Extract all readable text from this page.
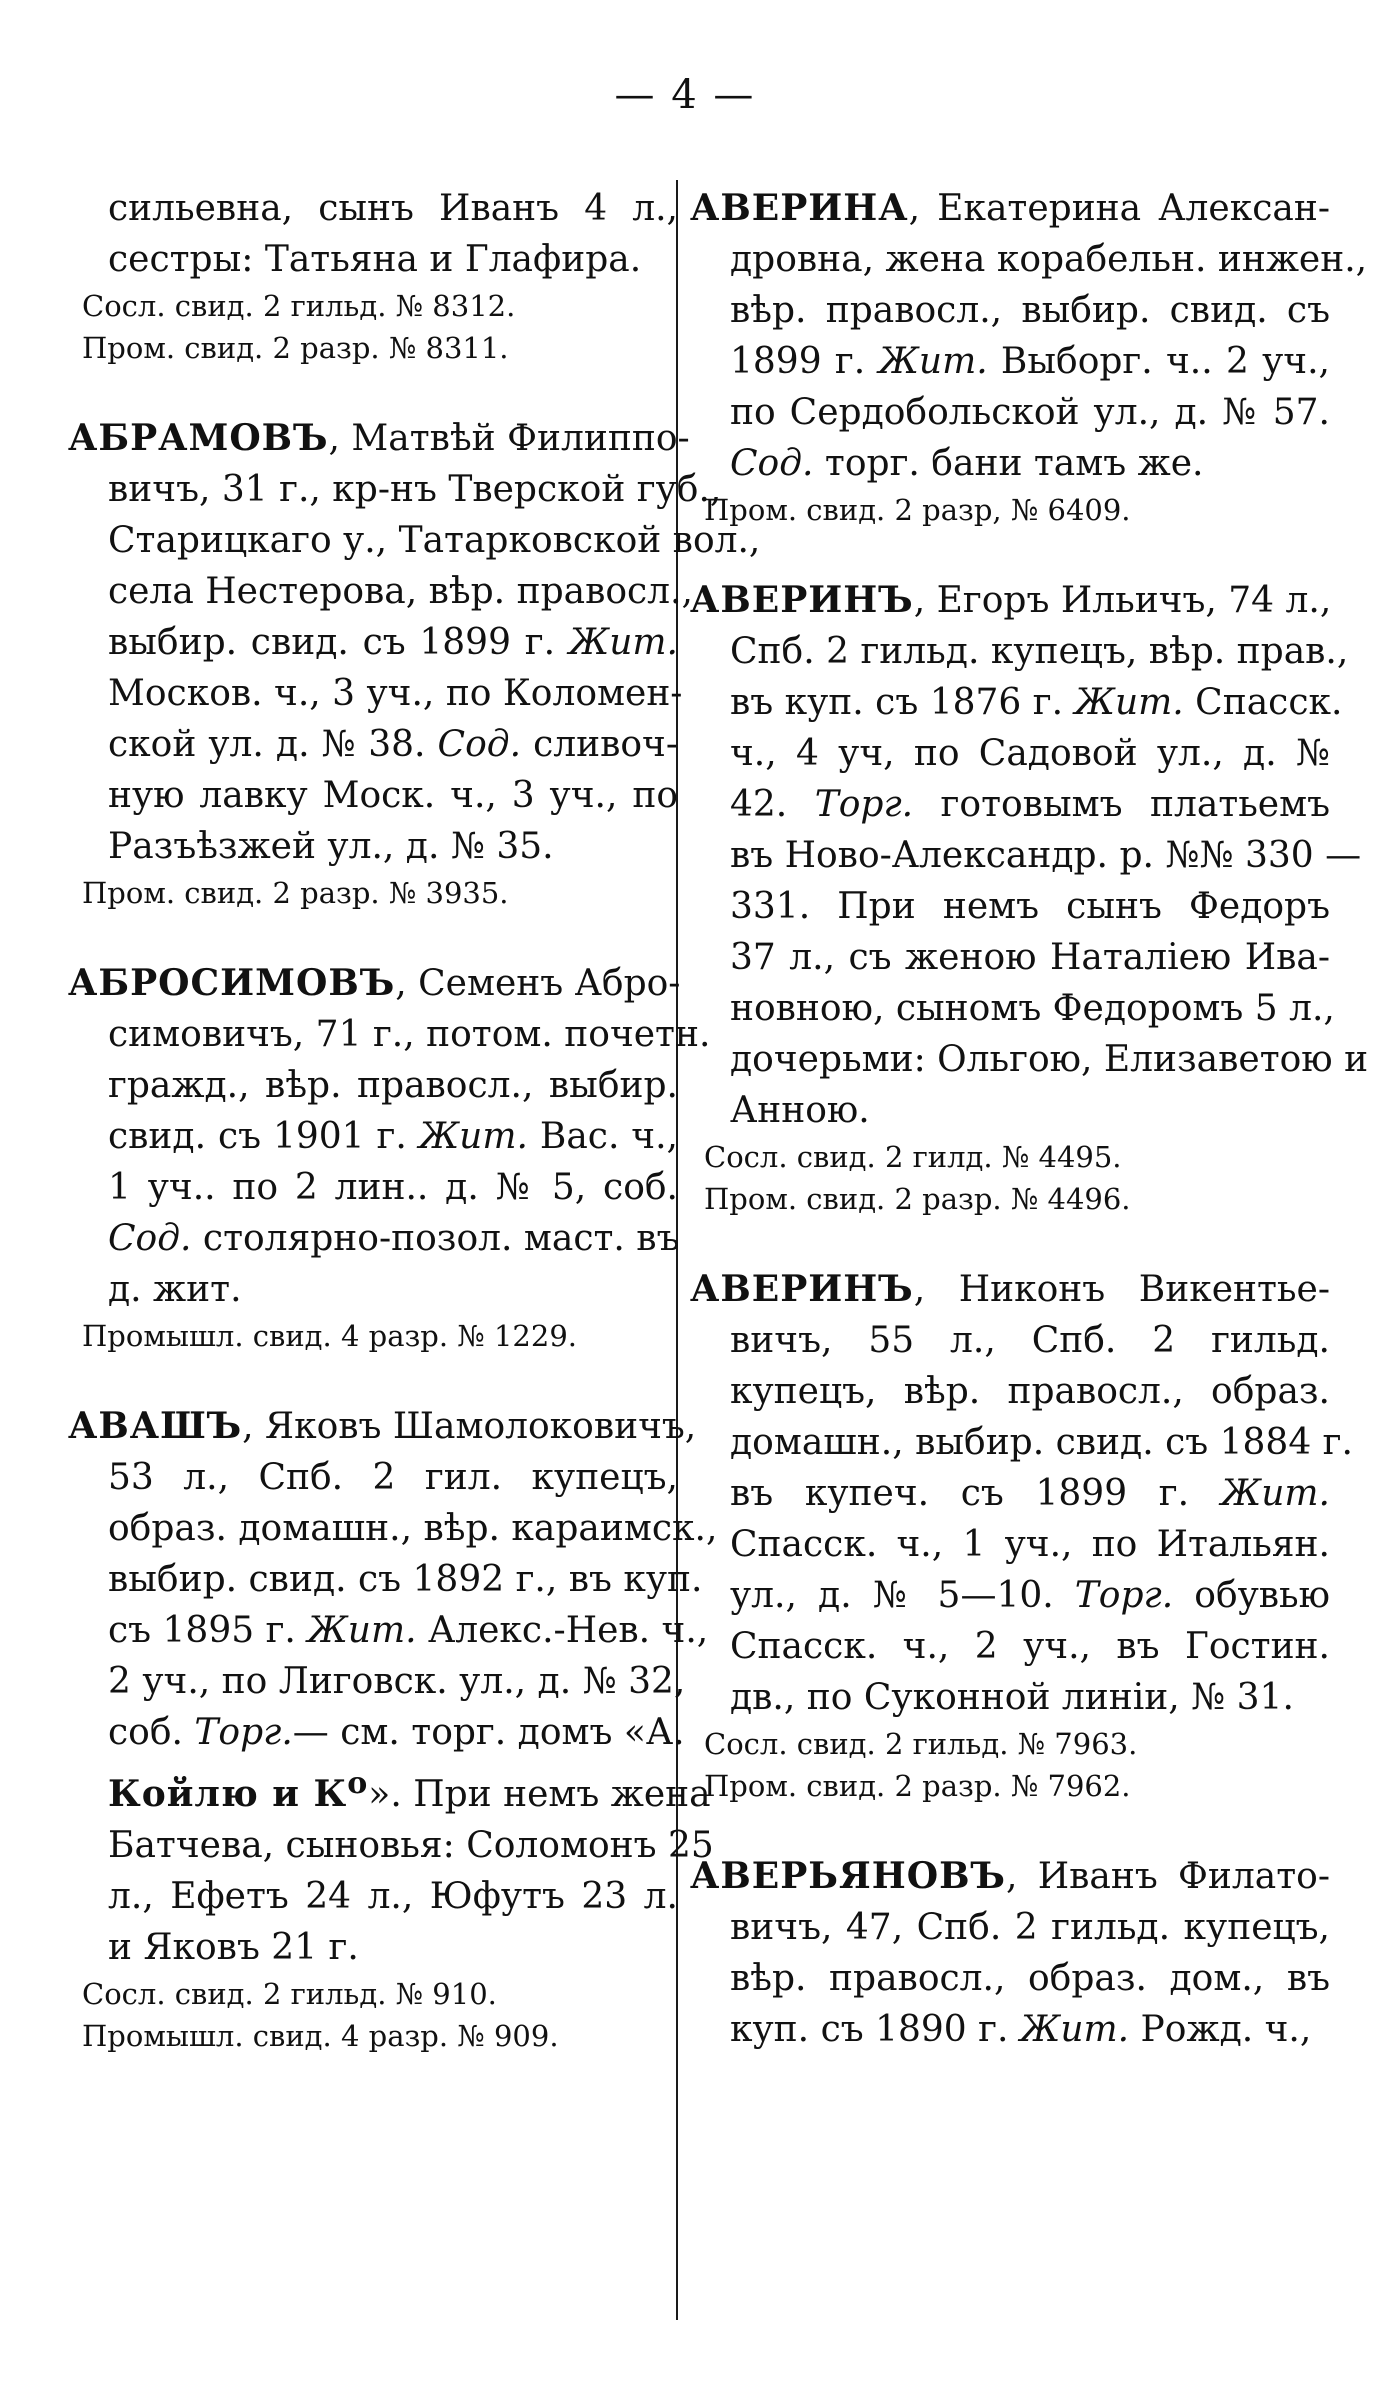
— 4 —
сильевна, сынъ Иванъ 4 л.,
сестры: Татьяна и Глафира.
Сосл. свид. 2 гильд. № 8312.
Пром. свид. 2 разр. № 8311.
АБРАМОВЪ, Матвѣй Филиппо-
вичъ, 31 г., кр-нъ Тверской губ.,
Старицкаго у., Татарковской вол.,
села Нестерова, вѣр. правосл.,
выбир. свид. съ 1899 г. Жит.
Москов. ч., 3 уч., по Коломен-
ской ул. д. № 38. Сод. сливоч-
ную лавку Моск. ч., 3 уч., по
Разъѣзжей ул., д. № 35.
Пром. свид. 2 разр. № 3935.
АБРОСИМОВЪ, Семенъ Абро-
симовичъ, 71 г., потом. почетн.
гражд., вѣр. правосл., выбир.
свид. съ 1901 г. Жит. Вас. ч.,
1 уч.. по 2 лин.. д. № 5, соб.
Сод. столярно-позол. маст. въ
д. жит.
Промышл. свид. 4 разр. № 1229.
АВАШЪ, Яковъ Шамолоковичъ,
53 л., Спб. 2 гил. купецъ,
образ. домашн., вѣр. караимск.,
выбир. свид. съ 1892 г., въ куп.
съ 1895 г. Жит. Алекс.-Нев. ч.,
2 уч., по Лиговск. ул., д. № 32,
соб. Торг.— см. торг. домъ «А.
Койлю и $К^о$». При немъ жена
Батчева, сыновья: Соломонъ 25
л., Ефетъ 24 л., Юфутъ 23 л.
и Яковъ 21 г.
Сосл. свид. 2 гильд. № 910.
Промышл. свид. 4 разр. № 909.
АВЕРИНА, Екатерина Алексан-
дровна, жена корабельн. инжен.,
вѣр. правосл., выбир. свид. съ
1899 г. Жит. Выборг. ч.. 2 уч.,
по Сердобольской ул., д. № 57.
Сод. торг. бани тамъ же.
Пром. свид. 2 разр, № 6409.
АВЕРИНЪ, Егоръ Ильичъ, 74 л.,
Спб. 2 гильд. купецъ, вѣр. прав.,
въ куп. съ 1876 г. Жит. Спасск.
ч., 4 уч, по Садовой ул., д. №
42. Торг. готовымъ платьемъ
въ Ново-Александр. р. №№ 330 —
331. При немъ сынъ Федоръ
37 л., съ женою Наталіею Ива-
новною, сыномъ Федоромъ 5 л.,
дочерьми: Ольгою, Елизаветою и
Анною.
Сосл. свид. 2 гилд. № 4495.
Пром. свид. 2 разр. № 4496.
АВЕРИНЪ, Никонъ Викентье-
вичъ, 55 л., Спб. 2 гильд.
купецъ, вѣр. правосл., образ.
домашн., выбир. свид. съ 1884 г.
въ купеч. съ 1899 г. Жит.
Спасск. ч., 1 уч., по Итальян.
ул., д. № 5—10. Торг. обувью
Спасск. ч., 2 уч., въ Гостин.
дв., по Суконной линіи, № 31.
Сосл. свид. 2 гильд. № 7963.
Пром. свид. 2 разр. № 7962.
АВЕРЬЯНОВЪ, Иванъ Филато-
вичъ, 47, Спб. 2 гильд. купецъ,
вѣр. правосл., образ. дом., въ
куп. съ 1890 г. Жит. Рожд. ч.,
